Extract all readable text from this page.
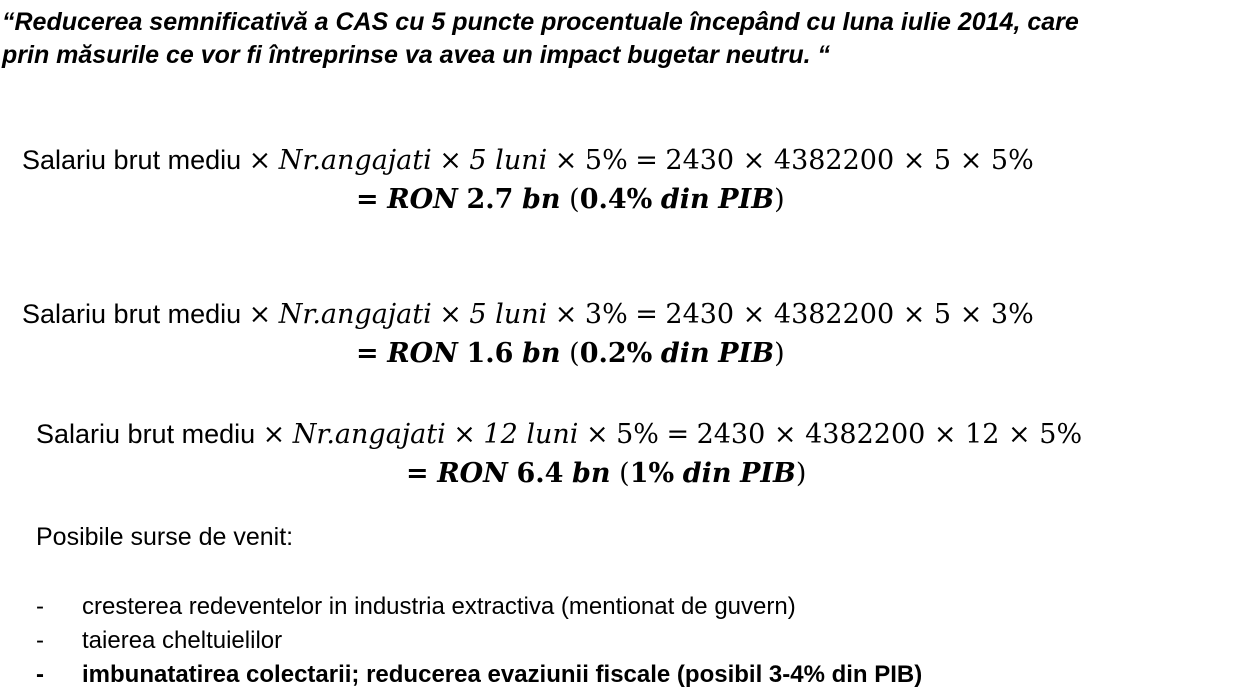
“Reducerea semnificativă a CAS cu 5 puncte procentuale începând cu luna iulie 2014, care
prin măsurile ce vor fi întreprinse va avea un impact bugetar neutru. “
Salariu brut mediu × Nr.angajati × 5 luni × 5% = 2430 × 4382200 × 5 × 5%
= RON 2.7 bn (0.4% din PIB)
Salariu brut mediu × Nr.angajati × 5 luni × 3% = 2430 × 4382200 × 5 × 3%
= RON 1.6 bn (0.2% din PIB)
Salariu brut mediu × Nr.angajati × 12 luni × 5% = 2430 × 4382200 × 12 × 5%
= RON 6.4 bn (1% din PIB)
Posibile surse de venit:
- cresterea redeventelor in industria extractiva (mentionat de guvern)
- taierea cheltuielilor
- imbunatatirea colectarii; reducerea evaziunii fiscale (posibil 3-4% din PIB)
